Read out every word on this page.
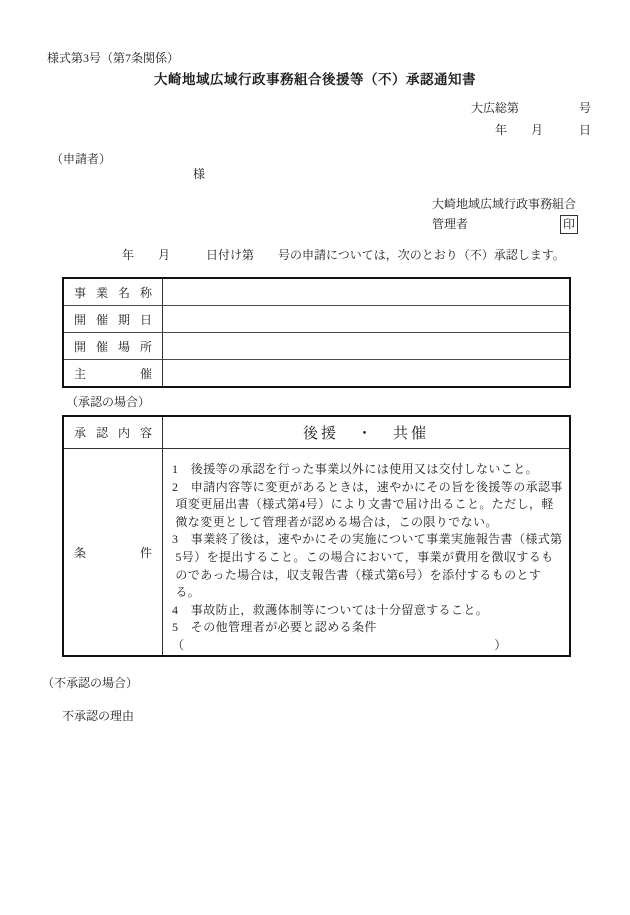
様式第3号（第7条関係）
大崎地域広域行政事務組合後援等（不）承認通知書
大広総第　　　　　号
年　　月　　　日
（申請者）
様
大崎地域広域行政事務組合
管理者	印
年　　月　　　日付け第　　号の申請については，次のとおり（不）承認します。
事業名称
開催期日
開催場所
主催
（承認の場合）
承認内容	後援　・　共催
条件
1　後援等の承認を行った事業以外には使用又は交付しないこと。
2　申請内容等に変更があるときは，速やかにその旨を後援等の承認事
項変更届出書（様式第4号）により文書で届け出ること。ただし，軽
微な変更として管理者が認める場合は，この限りでない。
3　事業終了後は，速やかにその実施について事業実施報告書（様式第
5号）を提出すること。この場合において，事業が費用を徴収するも
のであった場合は，収支報告書（様式第6号）を添付するものとす
る。
4　事故防止，救護体制等については十分留意すること。
5　その他管理者が必要と認める条件
（　　　　　　　　　　　　　　　　　　　　　　　　　）
（不承認の場合）
不承認の理由
